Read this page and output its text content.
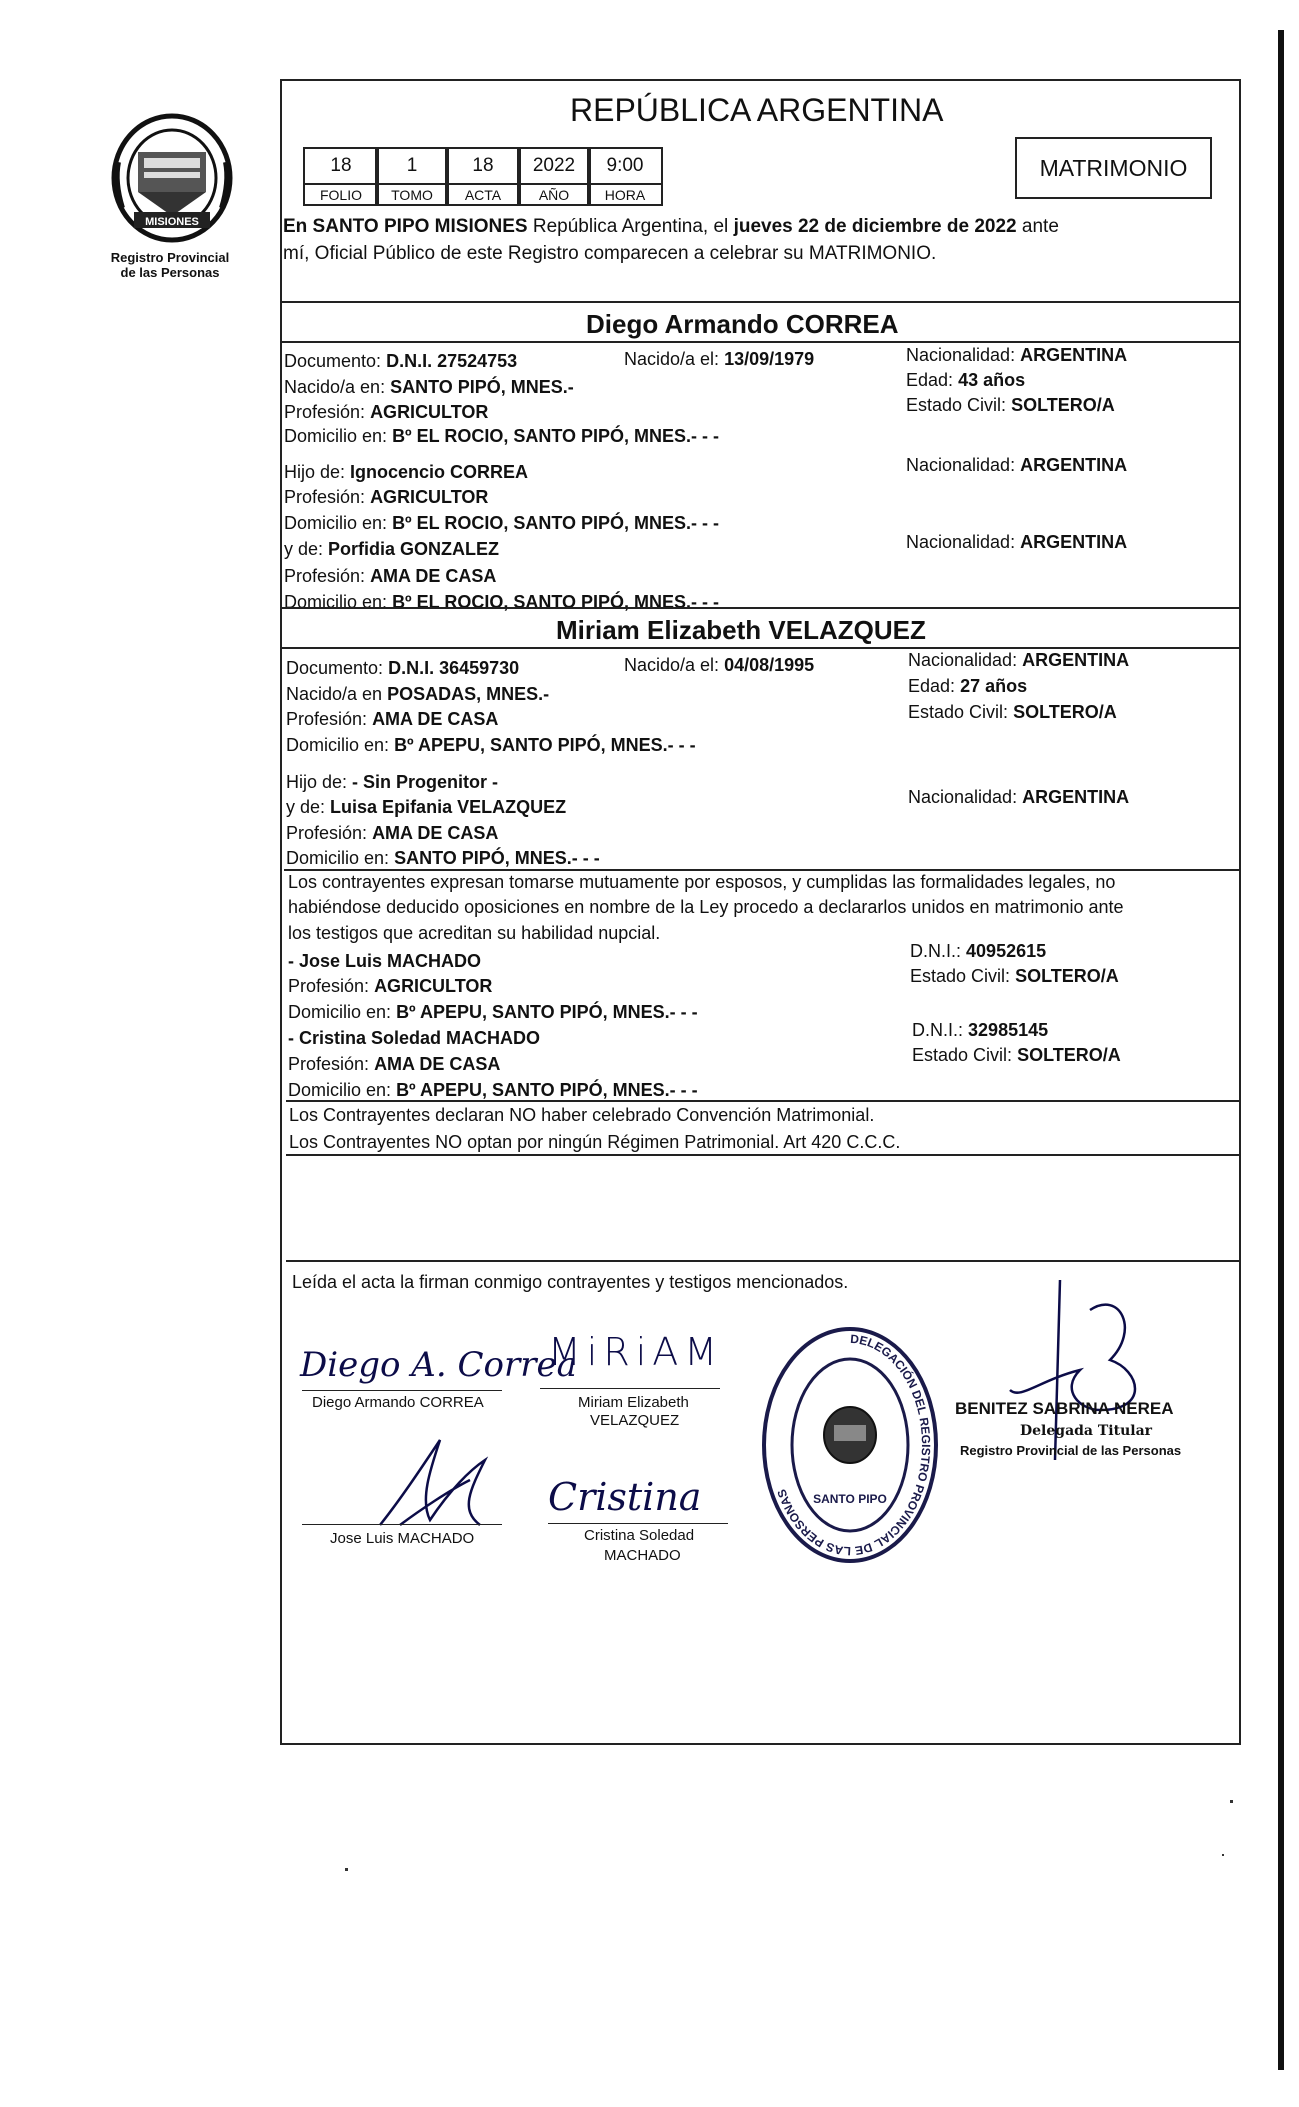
MISIONES
Registro Provincial
de las Personas
REPÚBLICA ARGENTINA
18	1	18	2022	9:00
FOLIO	TOMO	ACTA	AÑO	HORA
MATRIMONIO
En SANTO PIPO MISIONES República Argentina, el jueves 22 de diciembre de 2022 ante
mí, Oficial Público de este Registro comparecen a celebrar su MATRIMONIO.
Diego Armando CORREA
Documento: D.N.I. 27524753	Nacido/a el: 13/09/1979	Nacionalidad: ARGENTINA
Nacido/a en: SANTO PIPÓ, MNES.-	Edad: 43 años
Profesión: AGRICULTOR	Estado Civil: SOLTERO/A
Domicilio en: Bº EL ROCIO, SANTO PIPÓ, MNES.- - -
Hijo de: Ignocencio CORREA	Nacionalidad: ARGENTINA
Profesión: AGRICULTOR
Domicilio en: Bº EL ROCIO, SANTO PIPÓ, MNES.- - -
y de: Porfidia GONZALEZ	Nacionalidad: ARGENTINA
Profesión: AMA DE CASA
Domicilio en: Bº EL ROCIO, SANTO PIPÓ, MNES.- - -
Miriam Elizabeth VELAZQUEZ
Documento: D.N.I. 36459730	Nacido/a el: 04/08/1995	Nacionalidad: ARGENTINA
Nacido/a en POSADAS, MNES.-	Edad: 27 años
Profesión: AMA DE CASA	Estado Civil: SOLTERO/A
Domicilio en: Bº APEPU, SANTO PIPÓ, MNES.- - -
Hijo de: - Sin Progenitor -
y de: Luisa Epifania VELAZQUEZ	Nacionalidad: ARGENTINA
Profesión: AMA DE CASA
Domicilio en: SANTO PIPÓ, MNES.- - -
Los contrayentes expresan tomarse mutuamente por esposos, y cumplidas las formalidades legales, no
habiéndose deducido oposiciones en nombre de la Ley procedo a declararlos unidos en matrimonio ante
los testigos que acreditan su habilidad nupcial.
- Jose Luis MACHADO	D.N.I.: 40952615
Profesión: AGRICULTOR	Estado Civil: SOLTERO/A
Domicilio en: Bº APEPU, SANTO PIPÓ, MNES.- - -
- Cristina Soledad MACHADO	D.N.I.: 32985145
Profesión: AMA DE CASA	Estado Civil: SOLTERO/A
Domicilio en: Bº APEPU, SANTO PIPÓ, MNES.- - -
Los Contrayentes declaran NO haber celebrado Convención Matrimonial.
Los Contrayentes NO optan por ningún Régimen Patrimonial. Art 420 C.C.C.
Leída el acta la firman conmigo contrayentes y testigos mencionados.
Diego A. Correa
Diego Armando CORREA
MiRiAM
Miriam Elizabeth
VELAZQUEZ
Jose Luis MACHADO
Cristina
Cristina Soledad
MACHADO
DELEGACIÓN DEL REGISTRO PROVINCIAL DE LAS PERSONAS	SANTO PIPO
BENITEZ SABRINA NEREA
Delegada Titular
Registro Provincial de las Personas
